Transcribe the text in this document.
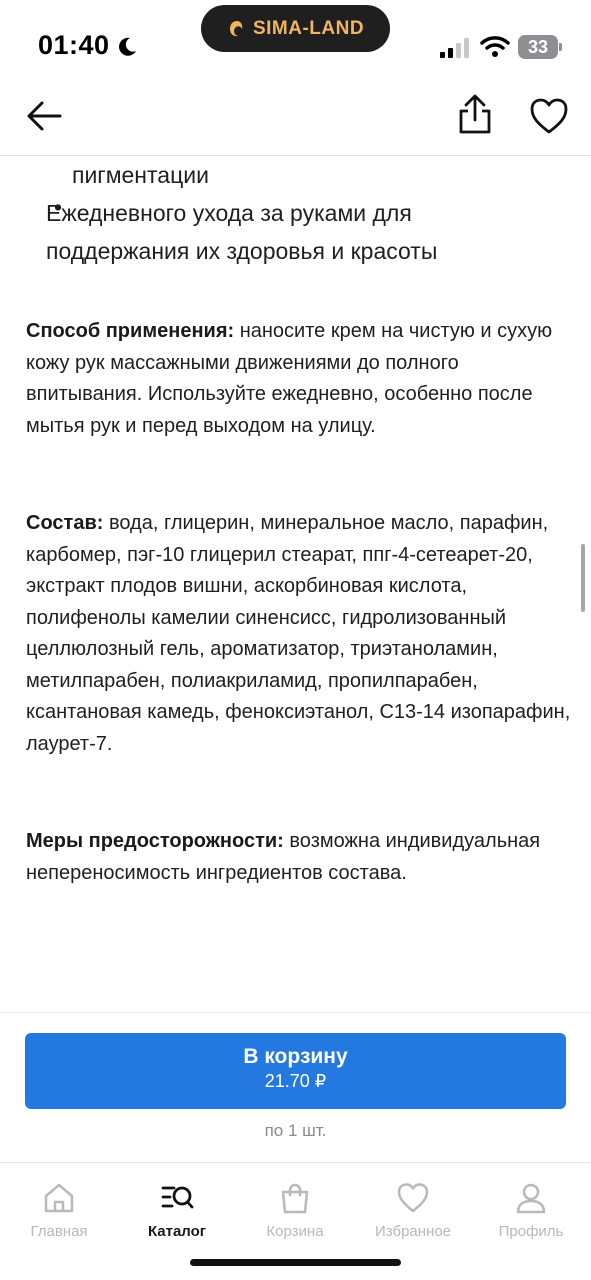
01:40
SIMA-LAND
33
пигментации
•
Ежедневного ухода за руками для
поддержания их здоровья и красоты

Способ применения: наносите крем на чистую и сухую кожу рук массажными движениями до полного впитывания. Используйте ежедневно, особенно после мытья рук и перед выходом на улицу.

Состав: вода, глицерин, минеральное масло, парафин, карбомер, пэг-10 глицерил стеарат, ппг-4-сетеарет-20, экстракт плодов вишни, аскорбиновая кислота, полифенолы камелии синенсисс, гидролизованный целлюлозный гель, ароматизатор, триэтаноламин, метилпарабен, полиакриламид, пропилпарабен, ксантановая камедь, феноксиэтанол, С13-14 изопарафин, лаурет-7.

Меры предосторожности: возможна индивидуальная непереносимость ингредиентов состава.

В корзину
21.70 ₽
по 1 шт.
Главная	Каталог	Корзина	Избранное	Профиль
